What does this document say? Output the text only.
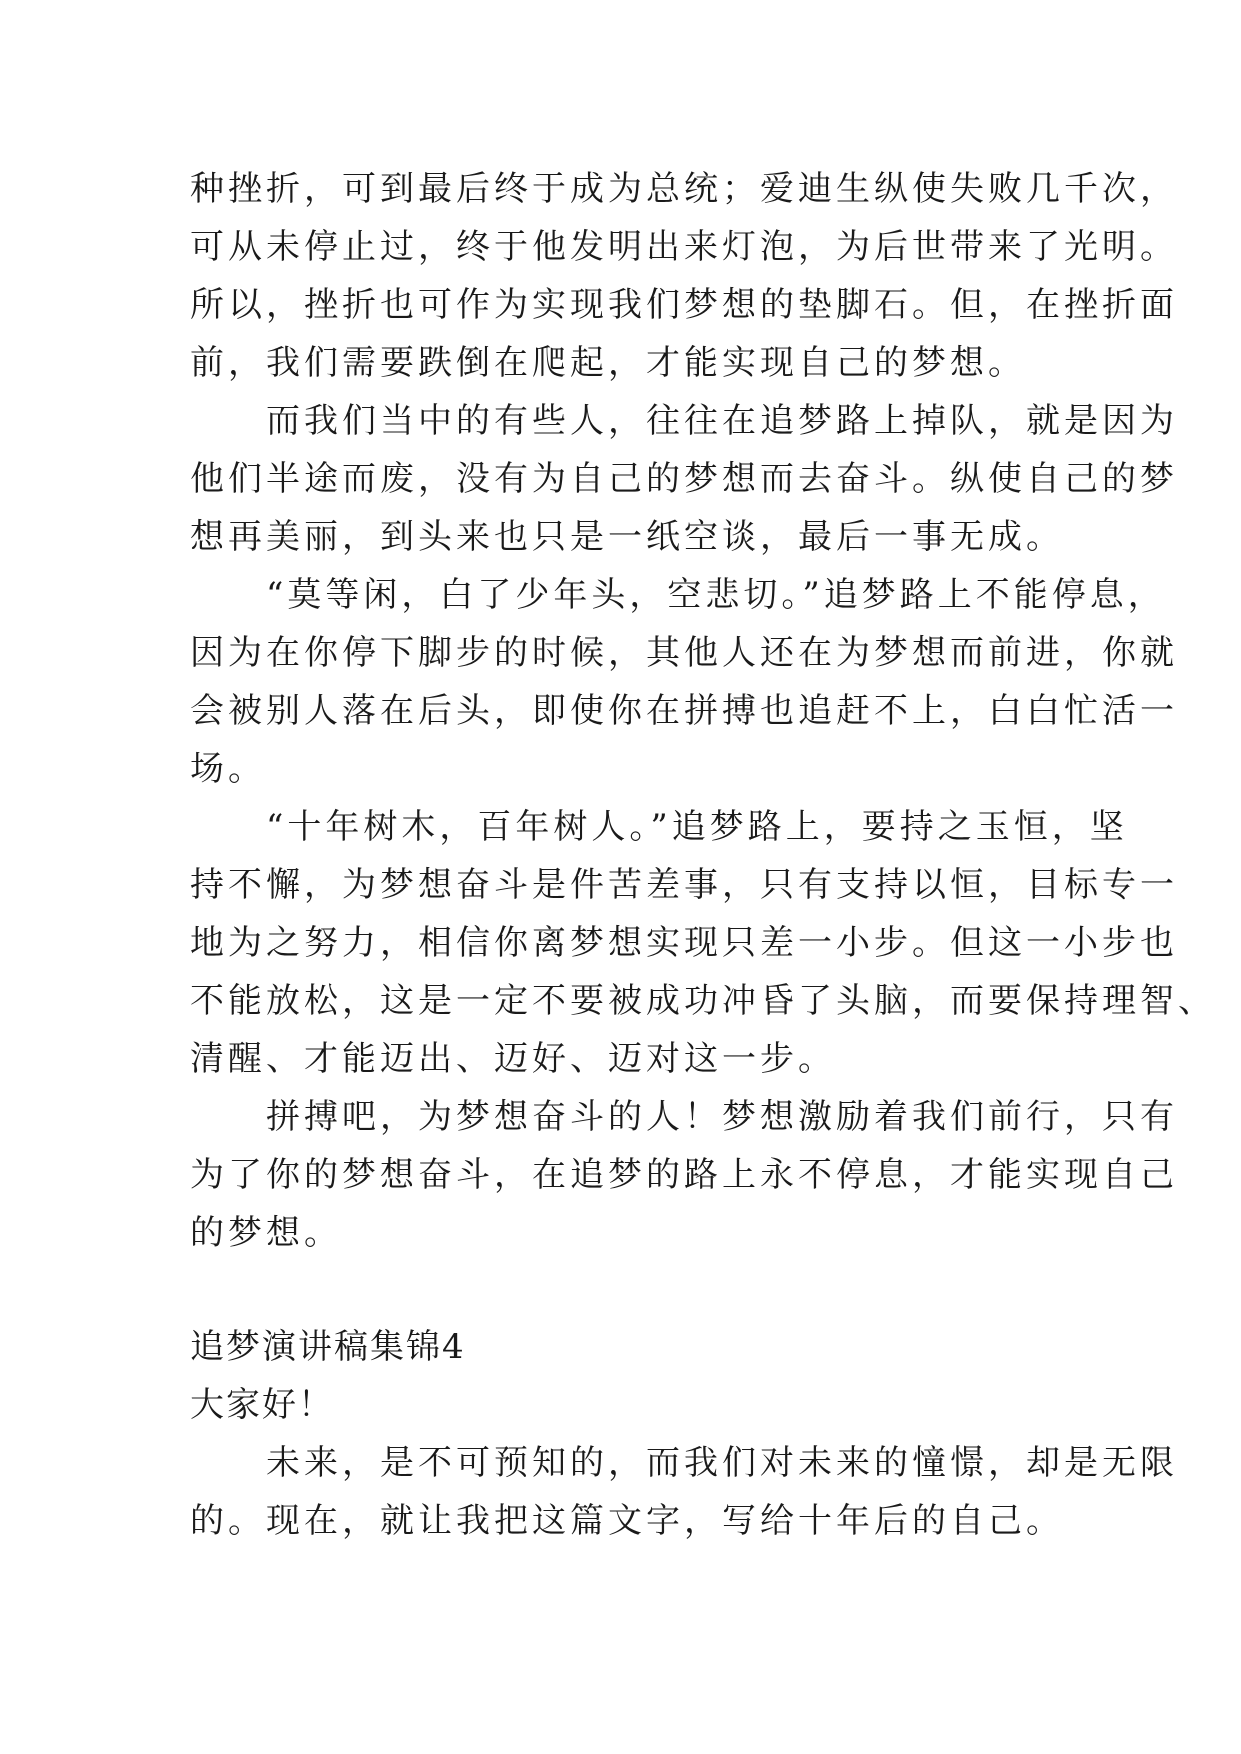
种挫折，可到最后终于成为总统；爱迪生纵使失败几千次，
可从未停止过，终于他发明出来灯泡，为后世带来了光明。
所以，挫折也可作为实现我们梦想的垫脚石。但，在挫折面
前，我们需要跌倒在爬起，才能实现自己的梦想。
　　而我们当中的有些人，往往在追梦路上掉队，就是因为
他们半途而废，没有为自己的梦想而去奋斗。纵使自己的梦
想再美丽，到头来也只是一纸空谈，最后一事无成。
　　“莫等闲，白了少年头，空悲切。”追梦路上不能停息，
因为在你停下脚步的时候，其他人还在为梦想而前进，你就
会被别人落在后头，即使你在拼搏也追赶不上，白白忙活一
场。
　　“十年树木，百年树人。”追梦路上，要持之玉恒，坚
持不懈，为梦想奋斗是件苦差事，只有支持以恒，目标专一
地为之努力，相信你离梦想实现只差一小步。但这一小步也
不能放松，这是一定不要被成功冲昏了头脑，而要保持理智、
清醒、才能迈出、迈好、迈对这一步。
　　拼搏吧，为梦想奋斗的人！梦想激励着我们前行，只有
为了你的梦想奋斗，在追梦的路上永不停息，才能实现自己
的梦想。
追梦演讲稿集锦4
大家好！
　　未来，是不可预知的，而我们对未来的憧憬，却是无限
的。现在，就让我把这篇文字，写给十年后的自己。
